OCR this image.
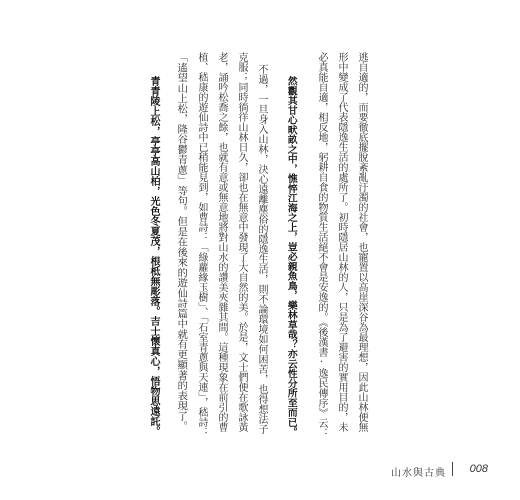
逃自適的，而要徹底擺脫紊亂汙濁的社會，也寵置以高崖深谷為最理想，因此山林便無
形中變成了代表隱逸生活的處所了。初時隱居山林的人，只是為了避害的實用目的，未
必真能自適，相反地，躬耕自食的物質生活絕不會是安逸的。《後漢書·逸民傳序》云：
然觀其甘心畎畝之中，憔悴江海之上，豈必親魚鳥，樂林草哉？亦云性分所至而已。
不過，一旦身入山林，決心遠離塵俗的隱逸生活，則不論環境如何困苦，也得想法子
克服；同時徜徉山林日久，卻也在無意中發現了大自然的美。於是，文士們便在歌詠黃
老，誦吟松喬之餘，也就有意或無意地將對山水的讚美夾雜其間。這種現象在前引的曹
植、嵇康的遊仙詩中已稍能見到，如曹詩：「綠蘿緣玉樹」、「石室青蔥與天連」，嵇詩：
「遙望山上松，隆谷鬱青蔥」等句。但是在後來的遊仙詩篇中就有更顯著的表現了。
青青陵上松，亭亭高山柏，光色冬夏茂，根柢無彫落。吉士懷真心，悟物思遠託。
山水與古典 008
